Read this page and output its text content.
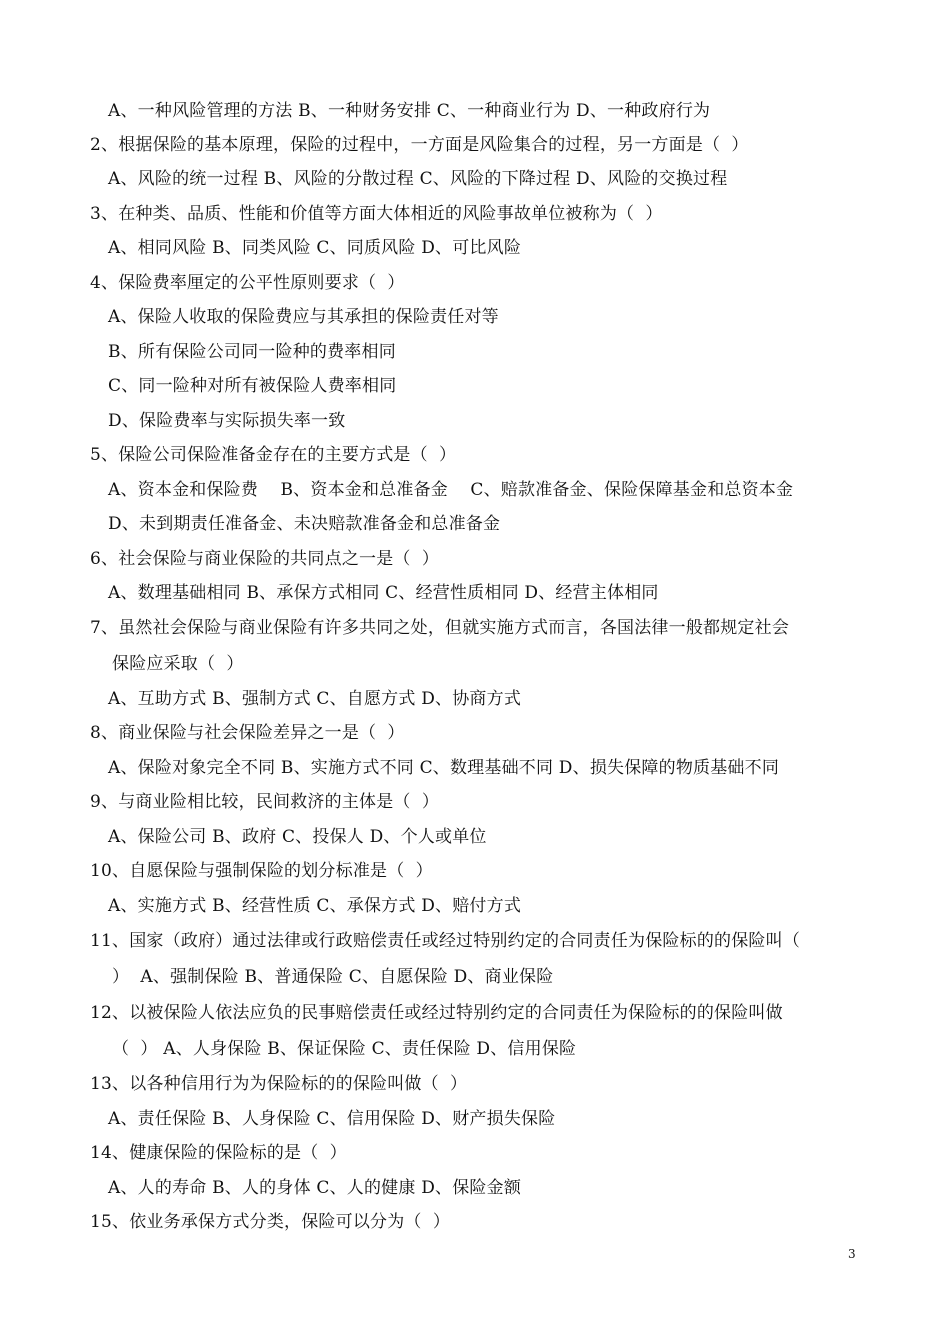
A、一种风险管理的方法 B、一种财务安排 C、一种商业行为 D、一种政府行为
2、根据保险的基本原理，保险的过程中，一方面是风险集合的过程，另一方面是（  ）
A、风险的统一过程 B、风险的分散过程 C、风险的下降过程 D、风险的交换过程
3、在种类、品质、性能和价值等方面大体相近的风险事故单位被称为（  ）
A、相同风险 B、同类风险 C、同质风险 D、可比风险
4、保险费率厘定的公平性原则要求（  ）
A、保险人收取的保险费应与其承担的保险责任对等
B、所有保险公司同一险种的费率相同
C、同一险种对所有被保险人费率相同
D、保险费率与实际损失率一致
5、保险公司保险准备金存在的主要方式是（  ）
A、资本金和保险费    B、资本金和总准备金    C、赔款准备金、保险保障基金和总资本金
D、未到期责任准备金、未决赔款准备金和总准备金
6、社会保险与商业保险的共同点之一是（  ）
A、数理基础相同 B、承保方式相同 C、经营性质相同 D、经营主体相同
7、虽然社会保险与商业保险有许多共同之处，但就实施方式而言，各国法律一般都规定社会
保险应采取（  ）
A、互助方式 B、强制方式 C、自愿方式 D、协商方式
8、商业保险与社会保险差异之一是（  ）
A、保险对象完全不同 B、实施方式不同 C、数理基础不同 D、损失保障的物质基础不同
9、与商业险相比较，民间救济的主体是（  ）
A、保险公司 B、政府 C、投保人 D、个人或单位
10、自愿保险与强制保险的划分标准是（  ）
A、实施方式 B、经营性质 C、承保方式 D、赔付方式
11、国家（政府）通过法律或行政赔偿责任或经过特别约定的合同责任为保险标的的保险叫（
）  A、强制保险 B、普通保险 C、自愿保险 D、商业保险
12、以被保险人依法应负的民事赔偿责任或经过特别约定的合同责任为保险标的的保险叫做
（  ） A、人身保险 B、保证保险 C、责任保险 D、信用保险
13、以各种信用行为为保险标的的保险叫做（  ）
A、责任保险 B、人身保险 C、信用保险 D、财产损失保险
14、健康保险的保险标的是（  ）
A、人的寿命 B、人的身体 C、人的健康 D、保险金额
15、依业务承保方式分类，保险可以分为（  ）
3
